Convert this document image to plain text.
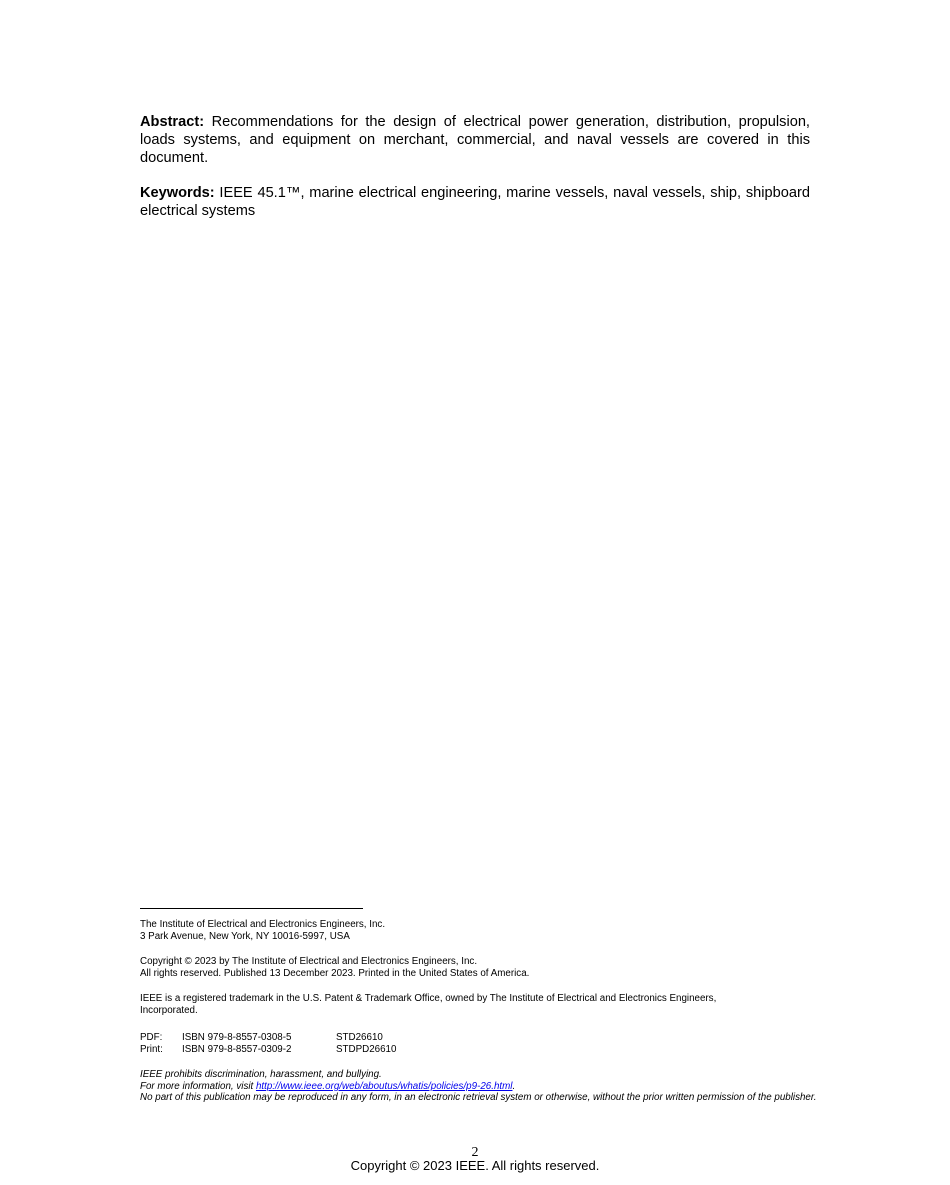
Abstract: Recommendations for the design of electrical power generation, distribution, propulsion, loads systems, and equipment on merchant, commercial, and naval vessels are covered in this document.
Keywords: IEEE 45.1™, marine electrical engineering, marine vessels, naval vessels, ship, shipboard electrical systems

The Institute of Electrical and Electronics Engineers, Inc.

3 Park Avenue, New York, NY 10016-5997, USA

Copyright © 2023 by The Institute of Electrical and Electronics Engineers, Inc.

All rights reserved. Published 13 December 2023. Printed in the United States of America.

IEEE is a registered trademark in the U.S. Patent & Trademark Office, owned by The Institute of Electrical and Electronics Engineers, Incorporated.

PDF:	ISBN 979-8-8557-0308-5	STD26610
Print:	ISBN 979-8-8557-0309-2	STDPD26610

IEEE prohibits discrimination, harassment, and bullying.

For more information, visit http://www.ieee.org/web/aboutus/whatis/policies/p9-26.html.

No part of this publication may be reproduced in any form, in an electronic retrieval system or otherwise, without the prior written permission of the publisher.

2
Copyright © 2023 IEEE. All rights reserved.
